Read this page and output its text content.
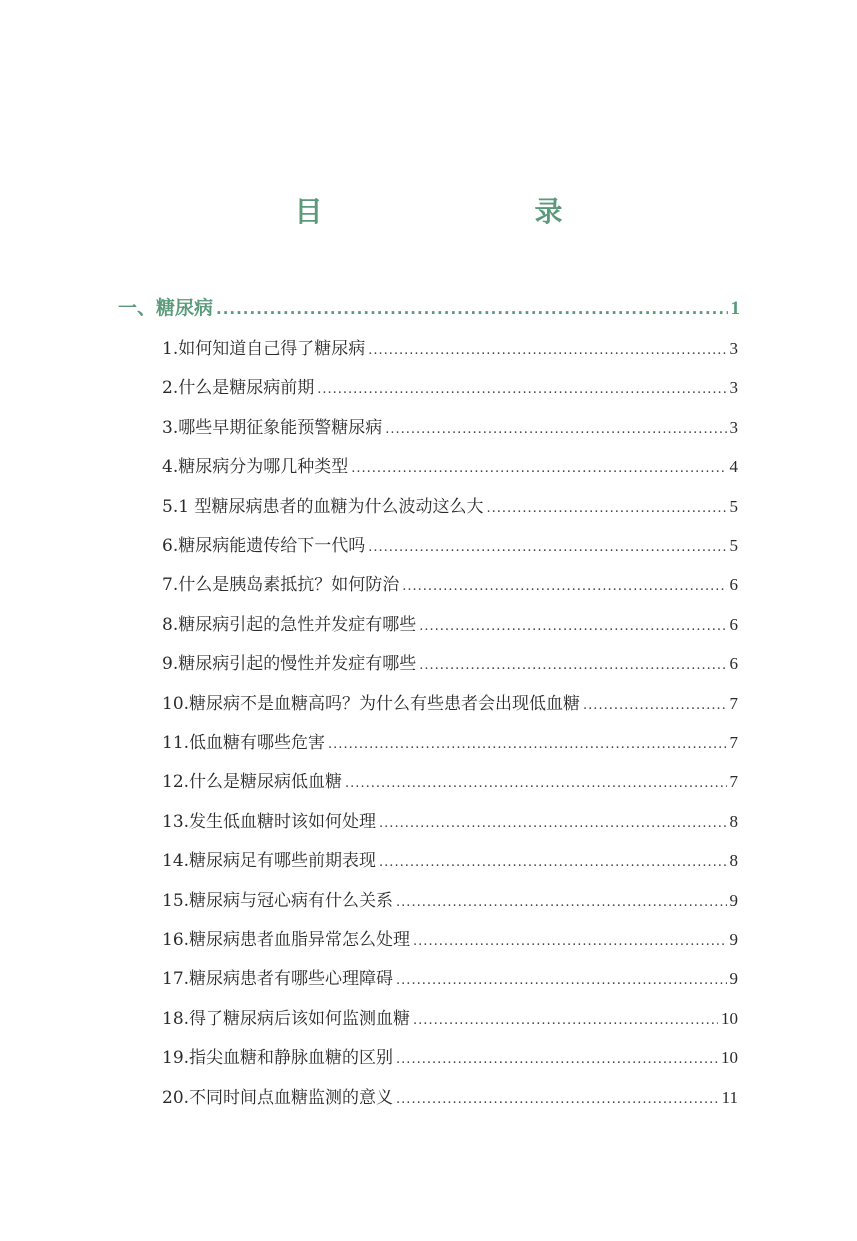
目　　录
一、糖尿病 .....	1
1. 如何知道自己得了糖尿病 .....	3
2. 什么是糖尿病前期 .....	3
3. 哪些早期征象能预警糖尿病 .....	3
4. 糖尿病分为哪几种类型 .....	4
5. 1 型糖尿病患者的血糖为什么波动这么大 .....	5
6. 糖尿病能遗传给下一代吗 .....	5
7. 什么是胰岛素抵抗？如何防治 .....	6
8. 糖尿病引起的急性并发症有哪些 .....	6
9. 糖尿病引起的慢性并发症有哪些 .....	6
10. 糖尿病不是血糖高吗？为什么有些患者会出现低血糖 .....	7
11. 低血糖有哪些危害 .....	7
12. 什么是糖尿病低血糖 .....	7
13. 发生低血糖时该如何处理 .....	8
14. 糖尿病足有哪些前期表现 .....	8
15. 糖尿病与冠心病有什么关系 .....	9
16. 糖尿病患者血脂异常怎么处理 .....	9
17. 糖尿病患者有哪些心理障碍 .....	9
18. 得了糖尿病后该如何监测血糖 .....	10
19. 指尖血糖和静脉血糖的区别 .....	10
20. 不同时间点血糖监测的意义 .....	11
